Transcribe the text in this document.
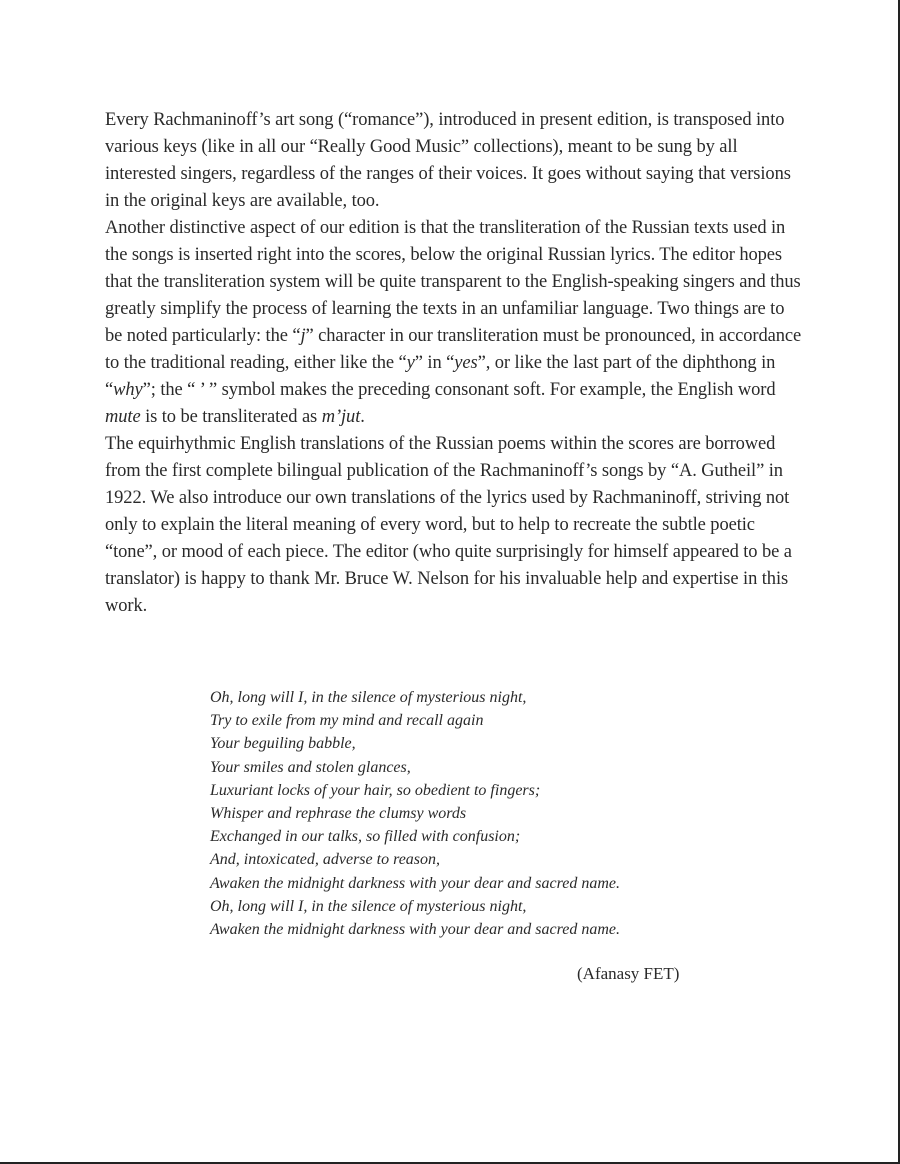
Every Rachmaninoff’s art song (“romance”), introduced in present edition, is transposed into various keys (like in all our “Really Good Music” collections), meant to be sung by all interested singers, regardless of the ranges of their voices. It goes without saying that versions in the original keys are available, too.

Another distinctive aspect of our edition is that the transliteration of the Russian texts used in the songs is inserted right into the scores, below the original Russian lyrics. The editor hopes that the transliteration system will be quite transparent to the English-speaking singers and thus greatly simplify the process of learning the texts in an unfamiliar language. Two things are to be noted particularly: the “j” character in our transliteration must be pronounced, in accordance to the traditional reading, either like the “y” in “yes”, or like the last part of the diphthong in “why”; the “ ’ ” symbol makes the preceding consonant soft. For example, the English word mute is to be transliterated as m’jut.

The equirhythmic English translations of the Russian poems within the scores are borrowed from the first complete bilingual publication of the Rachmaninoff’s songs by “A. Gutheil” in 1922. We also introduce our own translations of the lyrics used by Rachmaninoff, striving not only to explain the literal meaning of every word, but to help to recreate the subtle poetic “tone”, or mood of each piece. The editor (who quite surprisingly for himself appeared to be a translator) is happy to thank Mr. Bruce W. Nelson for his invaluable help and expertise in this work.

Oh, long will I, in the silence of mysterious night,
Try to exile from my mind and recall again
Your beguiling babble,
Your smiles and stolen glances,
Luxuriant locks of your hair, so obedient to fingers;
Whisper and rephrase the clumsy words
Exchanged in our talks, so filled with confusion;
And, intoxicated, adverse to reason,
Awaken the midnight darkness with your dear and sacred name.
Oh, long will I, in the silence of mysterious night,
Awaken the midnight darkness with your dear and sacred name.
(Afanasy FET)
